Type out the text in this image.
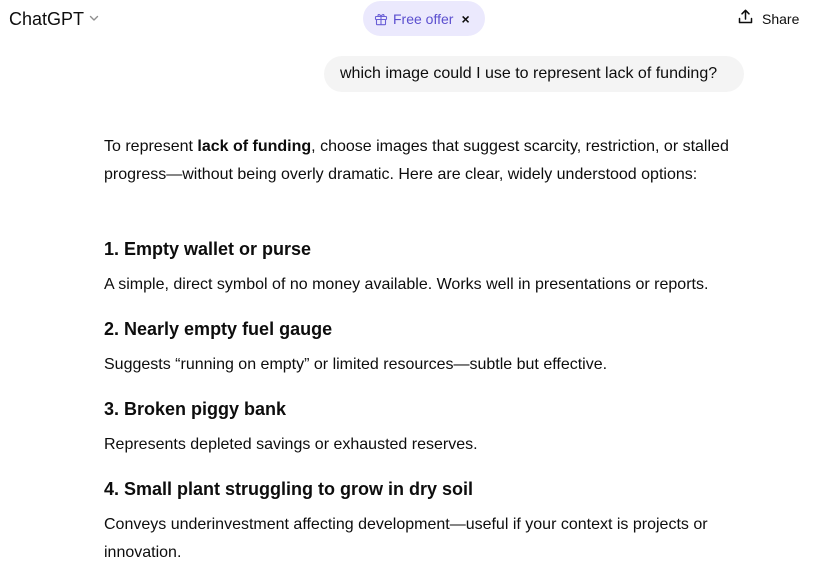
ChatGPT	Free offer ×	Share
which image could I use to represent lack of funding?

To represent lack of funding, choose images that suggest scarcity, restriction, or stalled progress—without being overly dramatic. Here are clear, widely understood options:

1. Empty wallet or purse

A simple, direct symbol of no money available. Works well in presentations or reports.

2. Nearly empty fuel gauge

Suggests “running on empty” or limited resources—subtle but effective.

3. Broken piggy bank

Represents depleted savings or exhausted reserves.

4. Small plant struggling to grow in dry soil

Conveys underinvestment affecting development—useful if your context is projects or innovation.
